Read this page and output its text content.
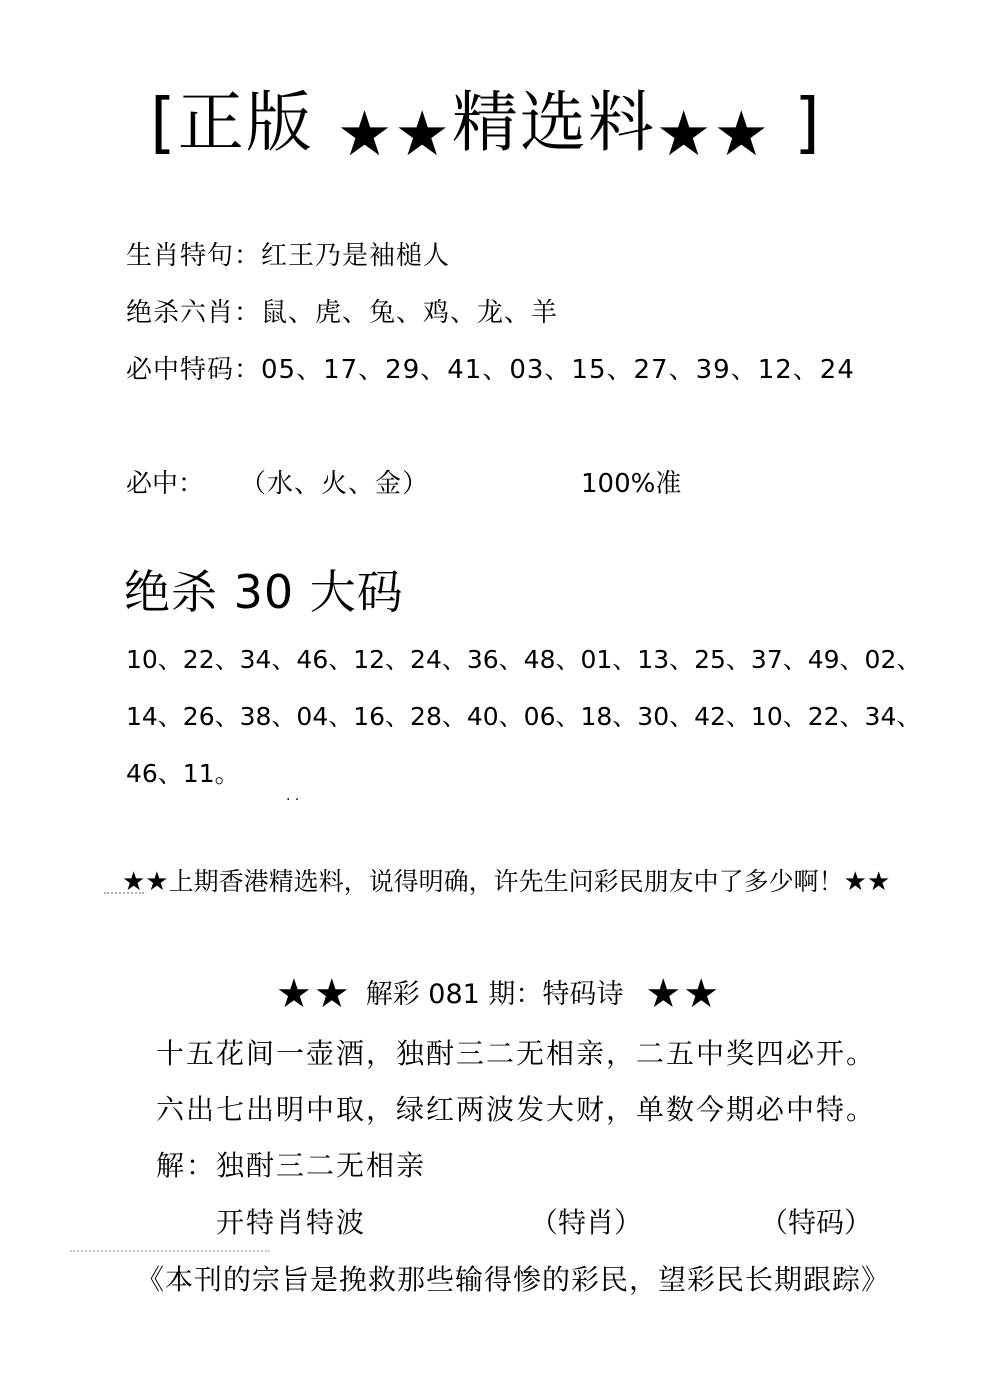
[正版 ★★精选料★★ ]
生肖特句：红王乃是袖槌人
绝杀六肖：鼠、虎、兔、鸡、龙、羊
必中特码：05、17、29、41、03、15、27、39、12、24
必中： （水、火、金）	100%准
绝杀 30 大码
10、22、34、46、12、24、36、48、01、13、25、37、49、02、14、26、38、04、16、28、40、06、18、30、42、10、22、34、46、11。
· ·
★★上期香港精选料，说得明确，许先生问彩民朋友中了多少啊！★★
★★ 解彩 081 期：特码诗 ★★
十五花间一壶酒，独酎三二无相亲，二五中奖四必开。
六出七出明中取，绿红两波发大财，单数今期必中特。
解：独酎三二无相亲
开特肖特波	（特肖）	（特码）
《本刊的宗旨是挽救那些输得惨的彩民，望彩民长期跟踪》
